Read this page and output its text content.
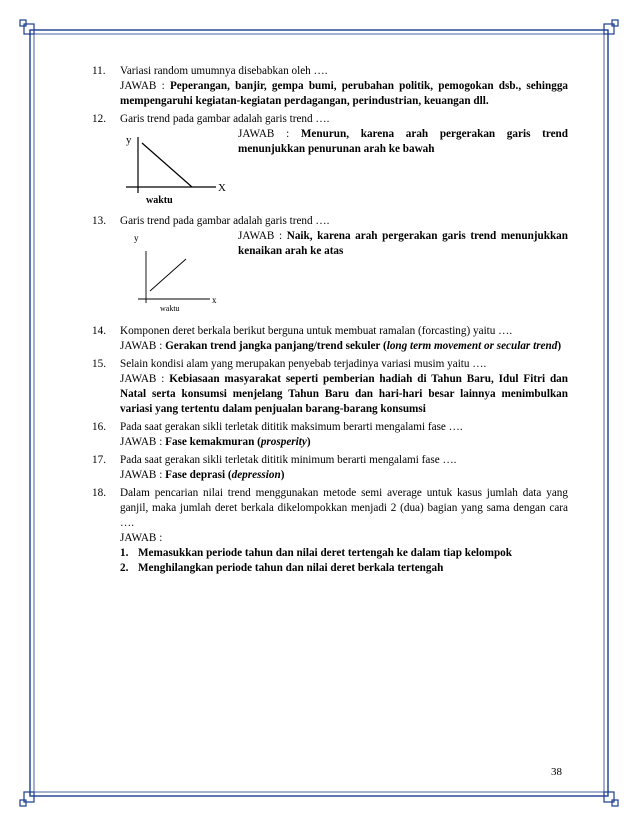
11. Variasi random umumnya disebabkan oleh ….
JAWAB : Peperangan, banjir, gempa bumi, perubahan politik, pemogokan dsb., sehingga mempengaruhi kegiatan-kegiatan perdagangan, perindustrian, keuangan dll.
12. Garis trend pada gambar adalah garis trend ….
y
X
waktu
JAWAB : Menurun, karena arah pergerakan garis trend menunjukkan penurunan arah ke bawah
13. Garis trend pada gambar adalah garis trend ….
y
x
waktu
JAWAB : Naik, karena arah pergerakan garis trend menunjukkan kenaikan arah ke atas
14. Komponen deret berkala berikut berguna untuk membuat ramalan (forcasting) yaitu ….
JAWAB : Gerakan trend jangka panjang/trend sekuler (long term movement or secular trend)
15. Selain kondisi alam yang merupakan penyebab terjadinya variasi musim yaitu ….
JAWAB : Kebiasaan masyarakat seperti pemberian hadiah di Tahun Baru, Idul Fitri dan Natal serta konsumsi menjelang Tahun Baru dan hari-hari besar lainnya menimbulkan variasi yang tertentu dalam penjualan barang-barang konsumsi
16. Pada saat gerakan sikli terletak dititik maksimum berarti mengalami fase ….
JAWAB : Fase kemakmuran (prosperity)
17. Pada saat gerakan sikli terletak dititik minimum berarti mengalami fase ….
JAWAB : Fase deprasi (depression)
18. Dalam pencarian nilai trend menggunakan metode semi average untuk kasus jumlah data yang ganjil, maka jumlah deret berkala dikelompokkan menjadi 2 (dua) bagian yang sama dengan cara ….
JAWAB :
1. Memasukkan periode tahun dan nilai deret tertengah ke dalam tiap kelompok
2. Menghilangkan periode tahun dan nilai deret berkala tertengah
38
